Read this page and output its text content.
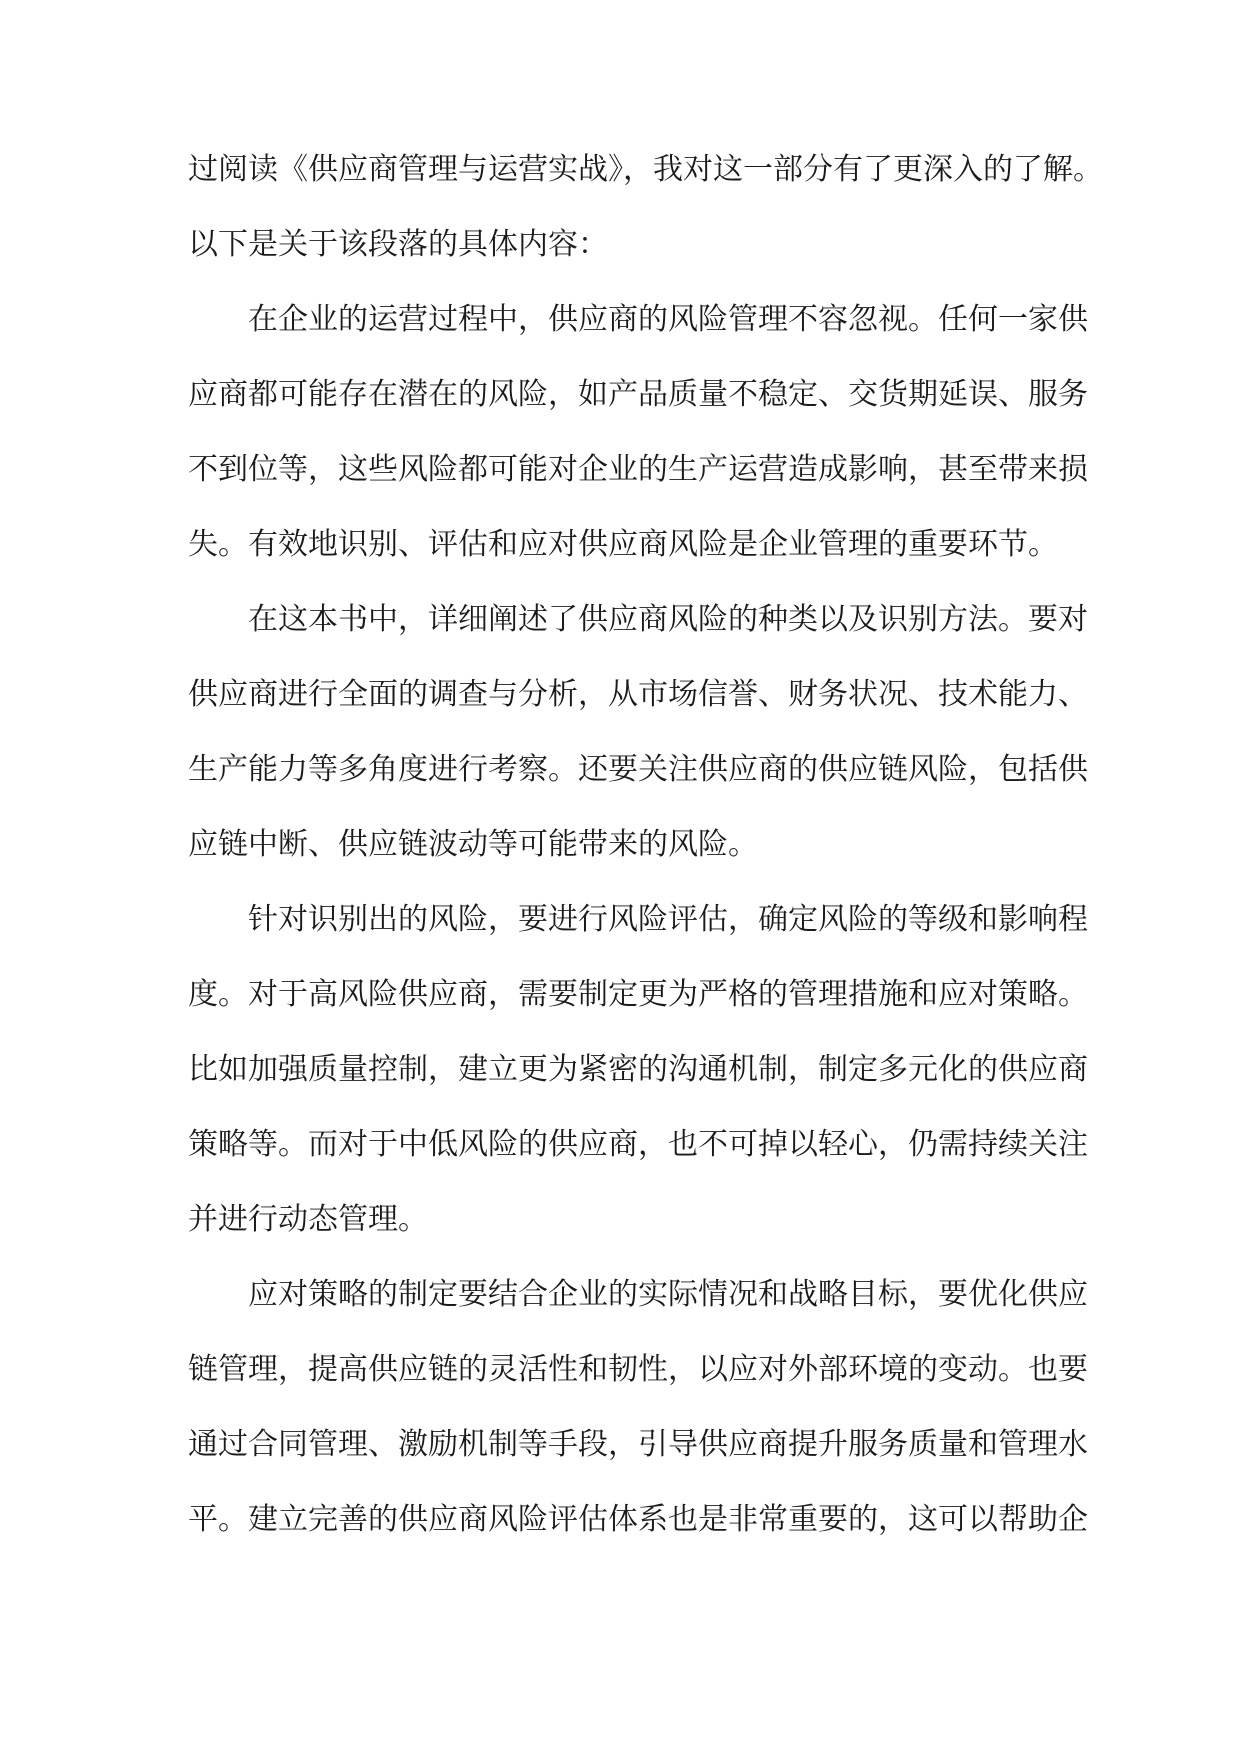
过阅读《供应商管理与运营实战》，我对这一部分有了更深入的了解。
以下是关于该段落的具体内容：
　　在企业的运营过程中，供应商的风险管理不容忽视。任何一家供
应商都可能存在潜在的风险，如产品质量不稳定、交货期延误、服务
不到位等，这些风险都可能对企业的生产运营造成影响，甚至带来损
失。有效地识别、评估和应对供应商风险是企业管理的重要环节。
　　在这本书中，详细阐述了供应商风险的种类以及识别方法。要对
供应商进行全面的调查与分析，从市场信誉、财务状况、技术能力、
生产能力等多角度进行考察。还要关注供应商的供应链风险，包括供
应链中断、供应链波动等可能带来的风险。
　　针对识别出的风险，要进行风险评估，确定风险的等级和影响程
度。对于高风险供应商，需要制定更为严格的管理措施和应对策略。
比如加强质量控制，建立更为紧密的沟通机制，制定多元化的供应商
策略等。而对于中低风险的供应商，也不可掉以轻心，仍需持续关注
并进行动态管理。
　　应对策略的制定要结合企业的实际情况和战略目标，要优化供应
链管理，提高供应链的灵活性和韧性，以应对外部环境的变动。也要
通过合同管理、激励机制等手段，引导供应商提升服务质量和管理水
平。建立完善的供应商风险评估体系也是非常重要的，这可以帮助企
